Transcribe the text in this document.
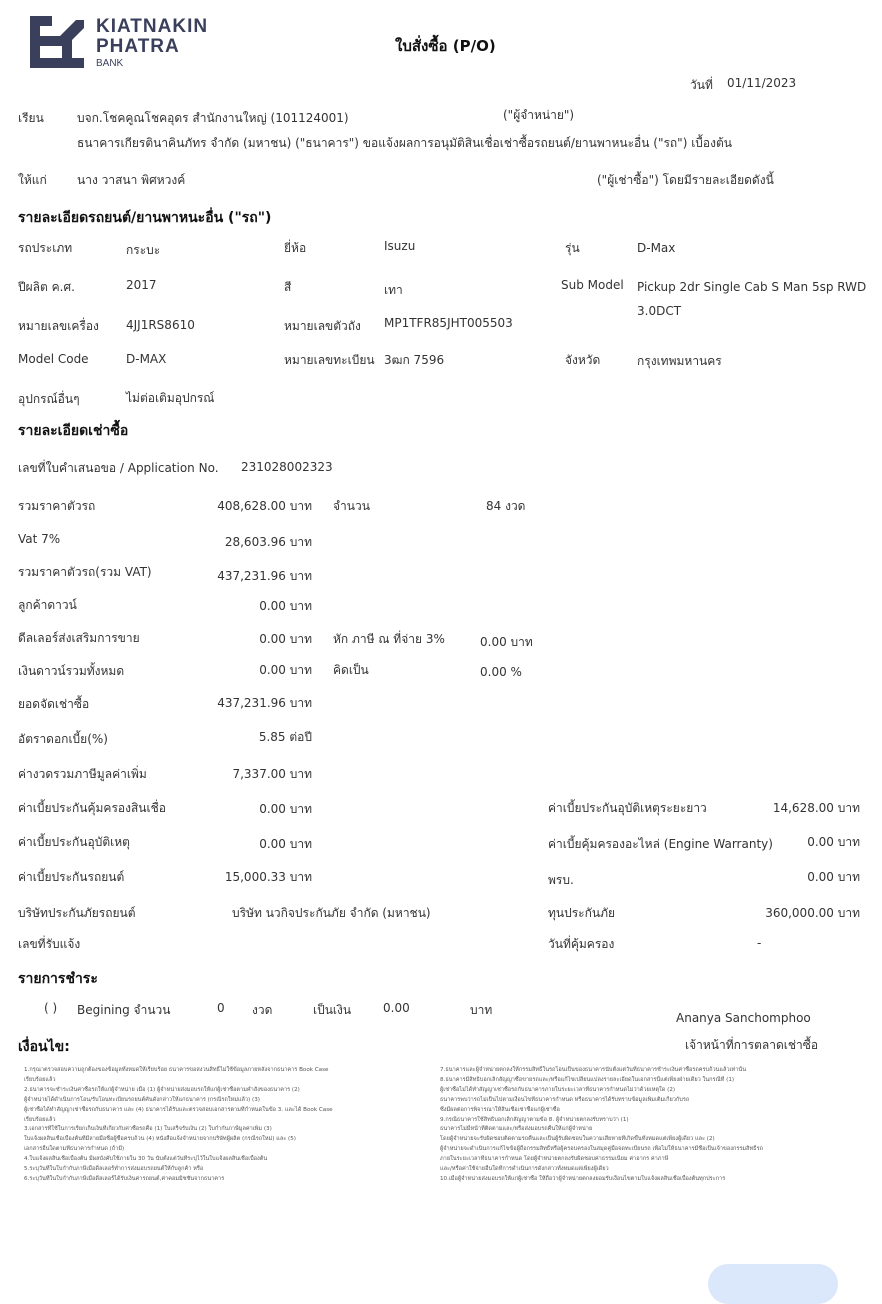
KIATNAKIN
PHATRA
BANK
ใบสั่งซื้อ (P/O)
วันที่ 01/11/2023
เรียน	บจก.โชคคูณโชคอุดร สำนักงานใหญ่ (101124001)	("ผู้จำหน่าย")
ธนาคารเกียรตินาคินภัทร จำกัด (มหาชน) ("ธนาคาร") ขอแจ้งผลการอนุมัติสินเชื่อเช่าซื้อรถยนต์/ยานพาหนะอื่น ("รถ") เบื้องต้น
ให้แก่	นาง วาสนา พิศหวงค์	("ผู้เช่าซื้อ") โดยมีรายละเอียดดังนี้
รายละเอียดรถยนต์/ยานพาหนะอื่น ("รถ")
รถประเภท	กระบะ	ยี่ห้อ	Isuzu	รุ่น	D-Max
ปีผลิต ค.ศ.	2017	สี	เทา	Sub Model Pickup 2dr Single Cab S Man 5sp RWD
3.0DCT
หมายเลขเครื่อง 4JJ1RS8610	หมายเลขตัวถัง MP1TFR85JHT005503
Model Code	D-MAX	หมายเลขทะเบียน 3ฒก 7596	จังหวัด	กรุงเทพมหานคร
อุปกรณ์อื่นๆ	ไม่ต่อเติมอุปกรณ์
รายละเอียดเช่าซื้อ
เลขที่ใบคำเสนอขอ / Application No. 231028002323
รวมราคาตัวรถ	408,628.00 บาท จำนวน	84 งวด
Vat 7%	28,603.96 บาท
รวมราคาตัวรถ(รวม VAT)	437,231.96 บาท
ลูกค้าดาวน์	0.00 บาท
ดีลเลอร์ส่งเสริมการขาย	0.00 บาท หัก ภาษี ณ ที่จ่าย 3%	0.00 บาท
เงินดาวน์รวมทั้งหมด	0.00 บาท คิดเป็น	0.00 %
ยอดจัดเช่าซื้อ	437,231.96 บาท
อัตราดอกเบี้ย(%)	5.85 ต่อปี
ค่างวดรวมภาษีมูลค่าเพิ่ม	7,337.00 บาท
ค่าเบี้ยประกันคุ้มครองสินเชื่อ	0.00 บาท	ค่าเบี้ยประกันอุบัติเหตุระยะยาว	14,628.00 บาท
ค่าเบี้ยประกันอุบัติเหตุ	0.00 บาท	ค่าเบี้ยคุ้มครองอะไหล่ (Engine Warranty)	0.00 บาท
ค่าเบี้ยประกันรถยนต์	15,000.33 บาท	พรบ.	0.00 บาท
บริษัทประกันภัยรถยนต์	บริษัท นวกิจประกันภัย จำกัด (มหาชน)	ทุนประกันภัย	360,000.00 บาท
เลขที่รับแจ้ง	วันที่คุ้มครอง	-
รายการชำระ
( ) Begining จำนวน	0 งวด	เป็นเงิน	0.00	บาท
Ananya Sanchomphoo
เจ้าหน้าที่การตลาดเช่าซื้อ
เงื่อนไข:
1.กรุณาตรวจสอบความถูกต้องของข้อมูลทั้งหมดให้เรียบร้อย ธนาคารขอสงวนสิทธิ์ไม่ใช้ข้อมูลภายหลังจากธนาคาร Book Case
เรียบร้อยแล้ว
2.ธนาคารจะชำระเงินค่าซื้อรถให้แก่ผู้จำหน่าย เมื่อ (1) ผู้จำหน่ายส่งมอบรถให้แก่ผู้เช่าซื้อตามคำสั่งของธนาคาร (2)
ผู้จำหน่ายได้ดำเนินการโอน/รับโอนทะเบียนรถยนต์คันดังกล่าวให้แก่ธนาคาร (กรณีรถใหม่แล้ว) (3)
ผู้เช่าซื้อได้ทำสัญญาเช่าซื้อรถกับธนาคาร และ (4) ธนาคารได้รับและตรวจสอบเอกสารตามที่กำหนดในข้อ 3. และได้ Book Case
เรียบร้อยแล้ว
3.เอกสารที่ใช้ในการเรียกเก็บเงินที่เกี่ยวกับค่าซื้อรถคือ (1) ใบเสร็จรับเงิน (2) ใบกำกับภาษีมูลค่าเพิ่ม (3)
ใบแจ้งผลสินเชื่อเบื้องต้นที่มีลายมือชื่อผู้ซื้อครบถ้วน (4) หนังสือแจ้งจำหน่ายจากบริษัทผู้ผลิต (กรณีรถใหม่) และ (5)
เอกสารอื่นใดตามที่ธนาคารกำหนด (ถ้ามี)
4.ใบแจ้งผลสินเชื่อเบื้องต้น มีผลบังคับใช้ภายใน 30 วัน นับตั้งแต่วันที่ระบุไว้ในใบแจ้งผลสินเชื่อเบื้องต้น
5.ระบุวันที่ในใบกำกับภาษีเมื่อดีลเลอร์ทำการส่งมอบรถยนต์ให้กับลูกค้า หรือ
6.ระบุวันที่ในใบกำกับภาษีเมื่อดีลเลอร์ได้รับเงินค่ารถยนต์,ค่าคอมมิชชั่นจากธนาคาร
7.ธนาคารและผู้จำหน่ายตกลงให้กรรมสิทธิ์ในรถโอนเป็นของธนาคารนับตั้งแต่วันที่ธนาคารชำระเงินค่าซื้อรถครบถ้วนแล้วเท่านั้น
8.ธนาคารมีสิทธิบอกเลิกสัญญาซื้อขายรถและ/หรือแก้ไขเปลี่ยนแปลงรายละเอียดในเอกสารนี้แต่เพียงฝ่ายเดียว ในกรณีที่ (1)
ผู้เช่าซื้อไม่ได้ทำสัญญาเช่าซื้อรถกับธนาคารภายในระยะเวลาที่ธนาคารกำหนดไม่ว่าด้วยเหตุใด (2)
ธนาคารพบว่ารถไม่เป็นไปตามเงื่อนไขที่ธนาคารกำหนด หรือธนาคารได้รับทราบข้อมูลเพิ่มเติมเกี่ยวกับรถ
ซึ่งมีผลต่อการพิจารณาให้สินเชื่อเช่าซื้อแก่ผู้เช่าซื้อ
9.กรณีธนาคารใช้สิทธิบอกเลิกสัญญาตามข้อ 8. ผู้จำหน่ายตกลงรับทราบว่า (1)
ธนาคารไม่มีหน้าที่ติดตามและ/หรือส่งมอบรถคืนให้แก่ผู้จำหน่าย
โดยผู้จำหน่ายจะรับผิดชอบติดตามรถคืนและเป็นผู้รับผิดชอบในความเสียหายที่เกิดขึ้นทั้งหมดแต่เพียงผู้เดียว และ (2)
ผู้จำหน่ายจะดำเนินการแก้ไขข้อผู้ถือกรรมสิทธิ์หรือผู้ครอบครองในสมุดคู่มือจดทะเบียนรถ เพื่อไม่ให้ธนาคารมีชื่อเป็นเจ้าของกรรมสิทธิ์รถ
ภายในระยะเวลาที่ธนาคารกำหนด โดยผู้จำหน่ายตกลงรับผิดชอบค่าธรรมเนียม ค่าอากร ค่าภาษี
และ/หรือค่าใช้จ่ายอื่นใดที่การดำเนินการดังกล่าวทั้งหมดแต่เพียงผู้เดียว
10.เมื่อผู้จำหน่ายส่งมอบรถให้แก่ผู้เช่าซื้อ ให้ถือว่าผู้จำหน่ายตกลงยอมรับเงื่อนไขตามใบแจ้งผลสินเชื่อเบื้องต้นทุกประการ
